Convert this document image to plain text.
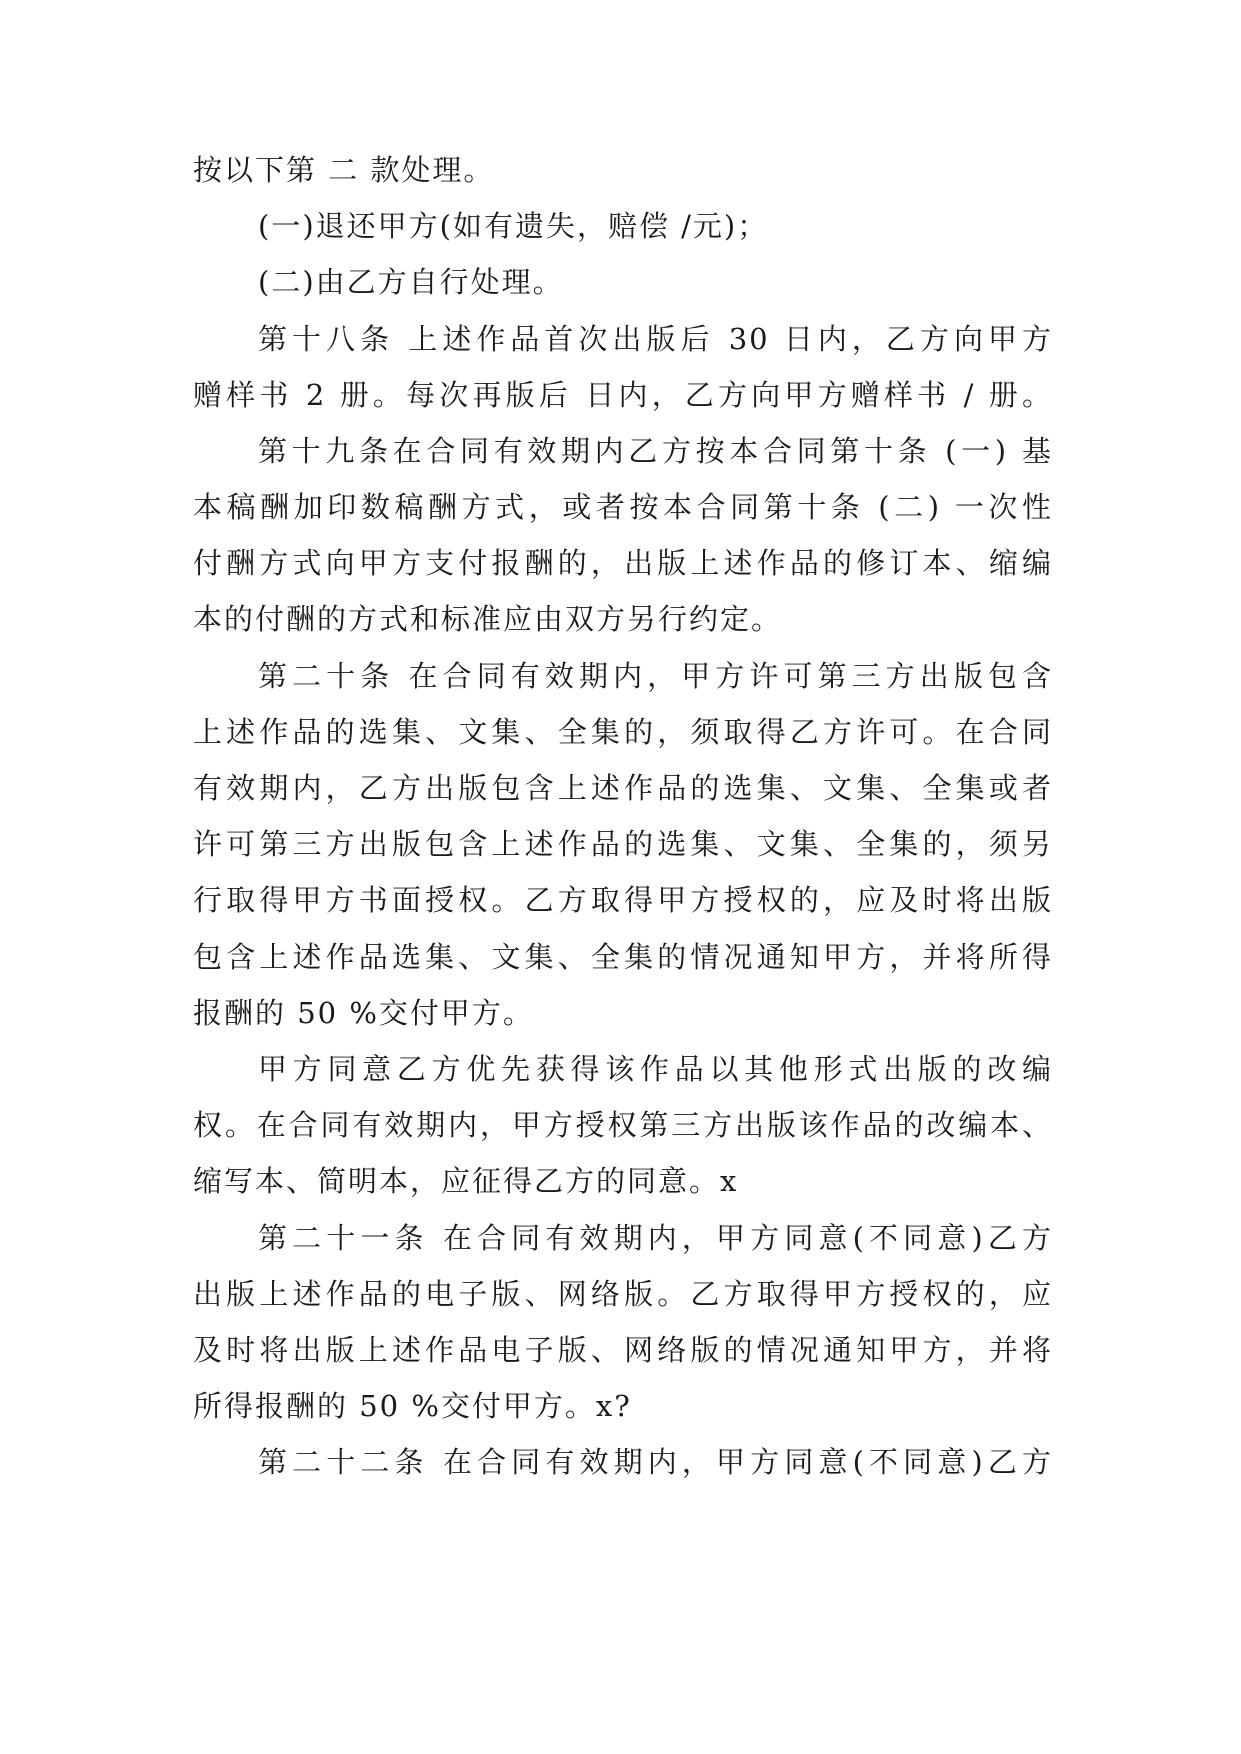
按以下第 二 款处理。

(一)退还甲方(如有遗失，赔偿 /元)；

(二)由乙方自行处理。

第十八条 上述作品首次出版后 30 日内，乙方向甲方

赠样书 2 册。每次再版后 日内，乙方向甲方赠样书 / 册。

第十九条在合同有效期内乙方按本合同第十条 (一) 基

本稿酬加印数稿酬方式，或者按本合同第十条 (二) 一次性

付酬方式向甲方支付报酬的，出版上述作品的修订本、缩编

本的付酬的方式和标准应由双方另行约定。

第二十条 在合同有效期内，甲方许可第三方出版包含

上述作品的选集、文集、全集的，须取得乙方许可。在合同

有效期内，乙方出版包含上述作品的选集、文集、全集或者

许可第三方出版包含上述作品的选集、文集、全集的，须另

行取得甲方书面授权。乙方取得甲方授权的，应及时将出版

包含上述作品选集、文集、全集的情况通知甲方，并将所得

报酬的 50 %交付甲方。

甲方同意乙方优先获得该作品以其他形式出版的改编

权。在合同有效期内，甲方授权第三方出版该作品的改编本、

缩写本、简明本，应征得乙方的同意。x

第二十一条 在合同有效期内，甲方同意(不同意)乙方

出版上述作品的电子版、网络版。乙方取得甲方授权的，应

及时将出版上述作品电子版、网络版的情况通知甲方，并将

所得报酬的 50 %交付甲方。x?

第二十二条 在合同有效期内，甲方同意(不同意)乙方
